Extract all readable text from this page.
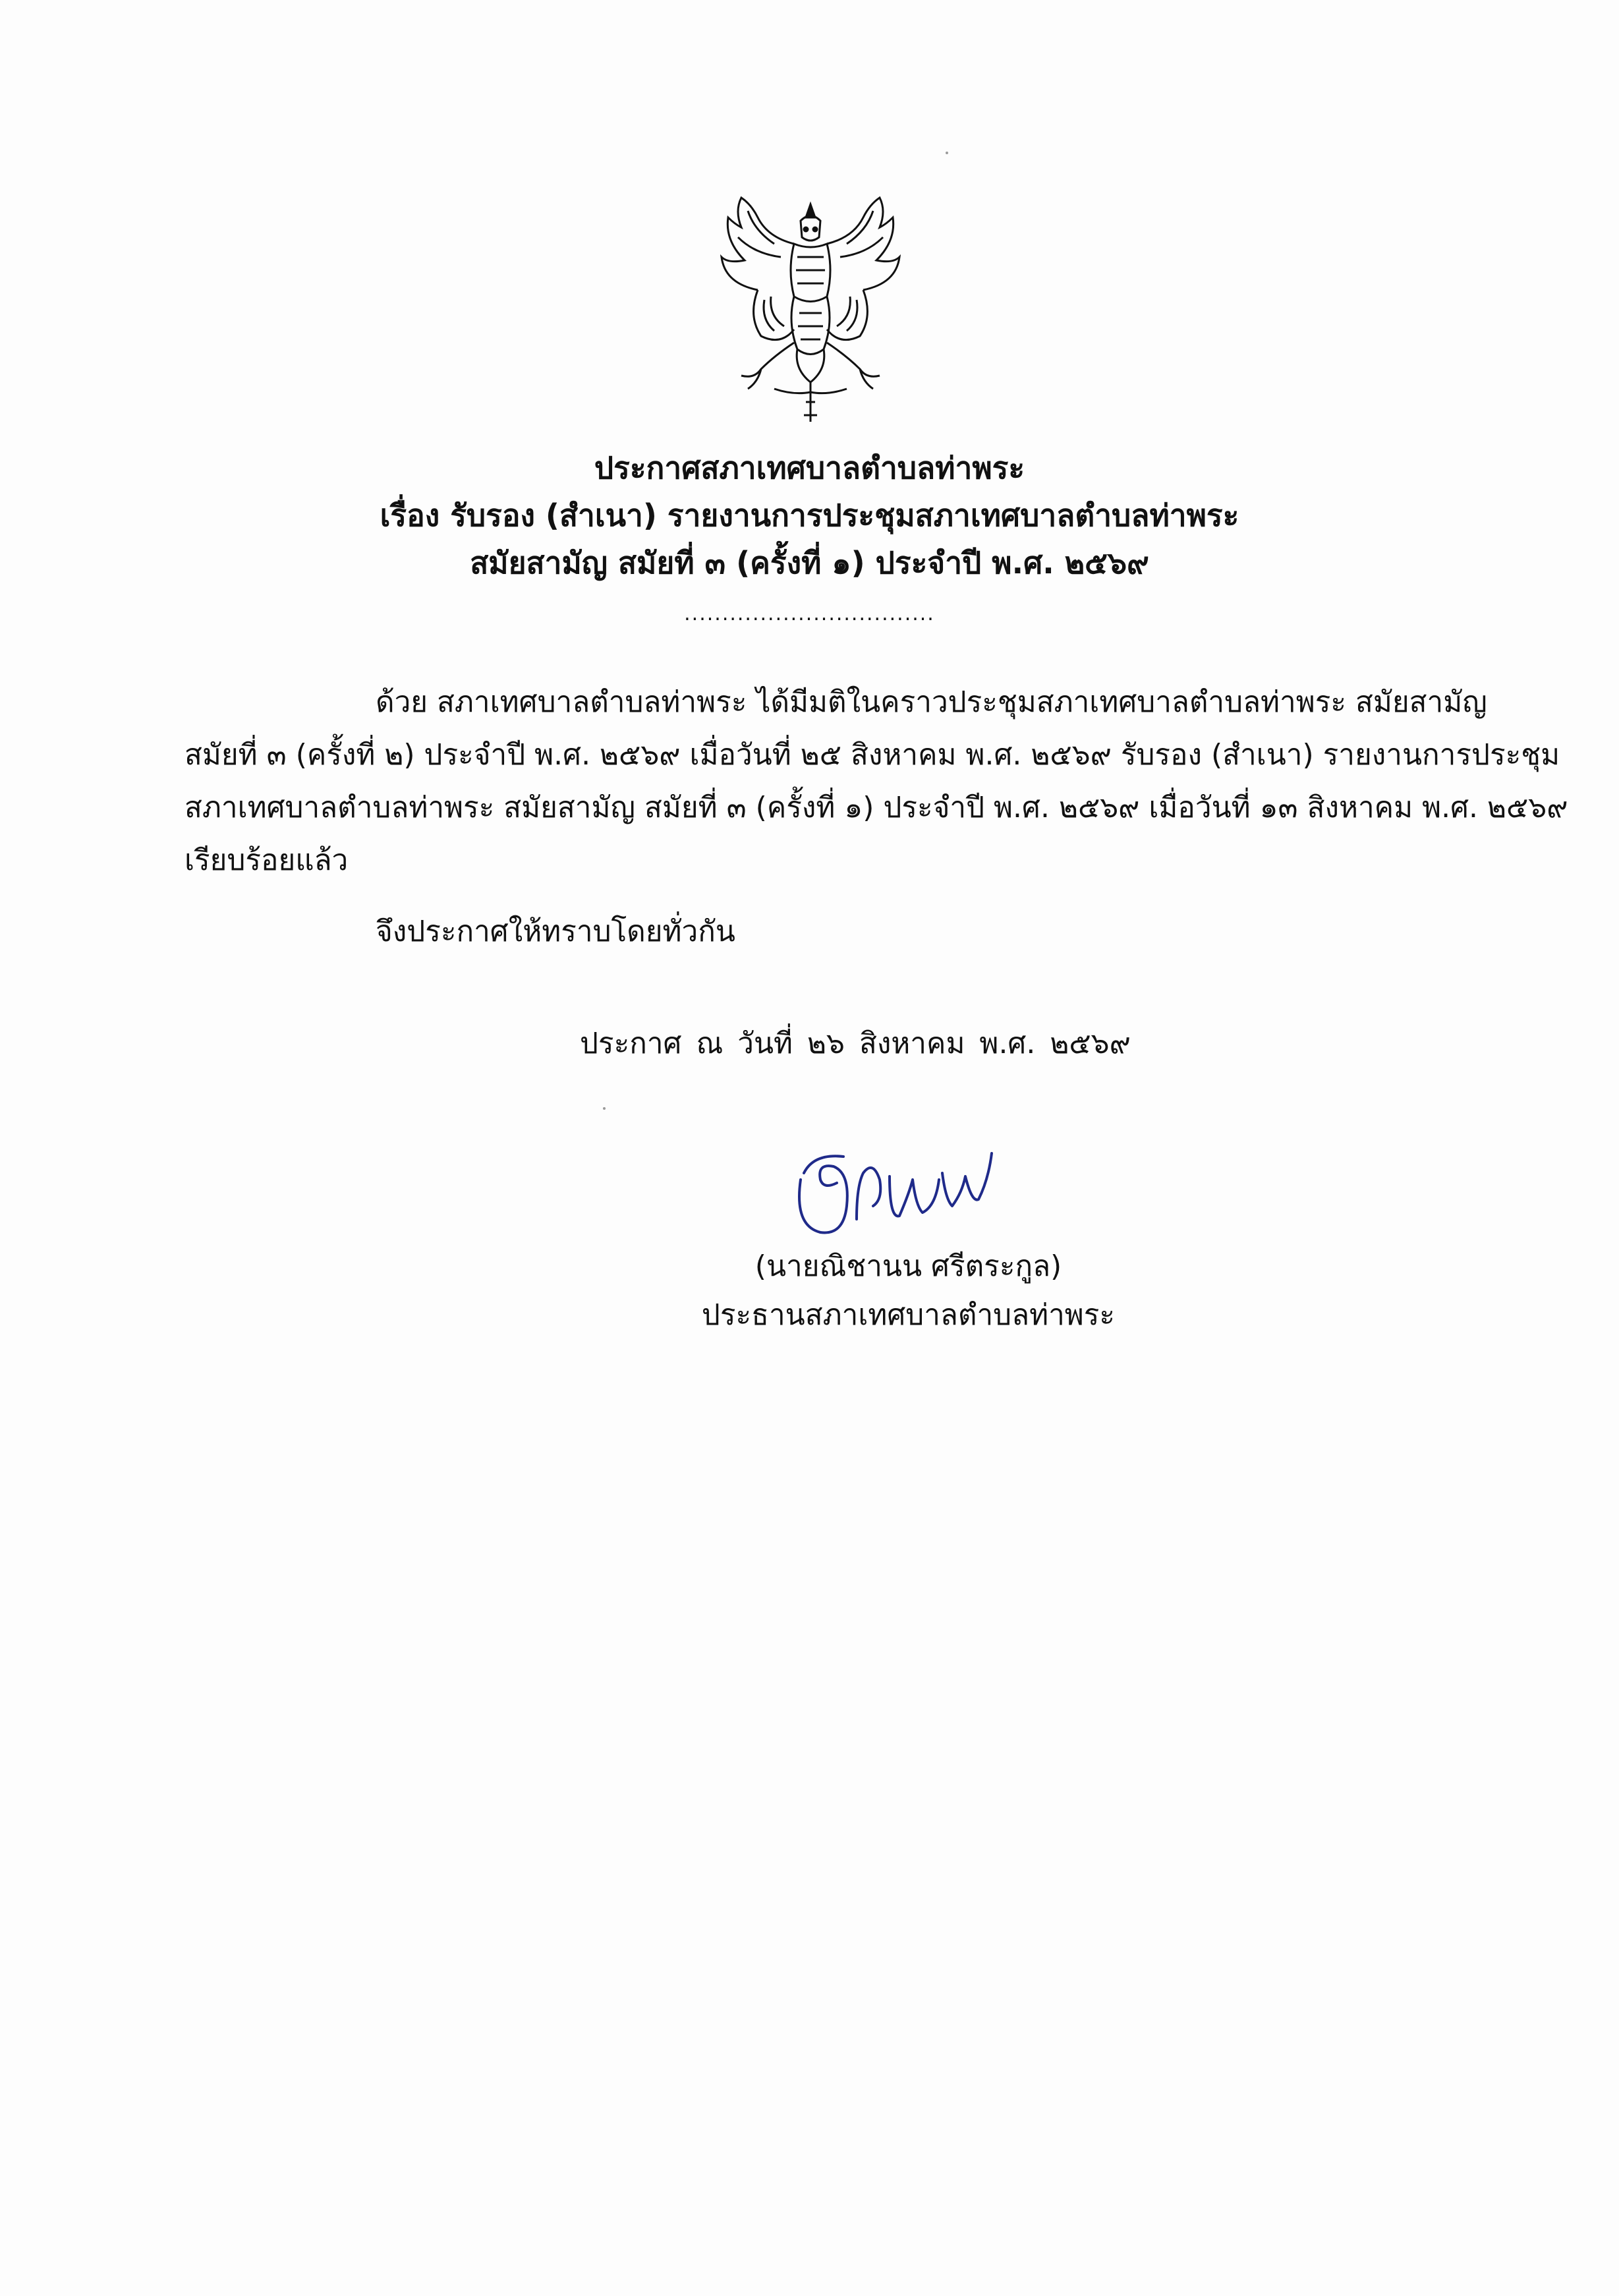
ประกาศสภาเทศบาลตำบลท่าพระ
เรื่อง รับรอง (สำเนา) รายงานการประชุมสภาเทศบาลตำบลท่าพระ
สมัยสามัญ สมัยที่ ๓ (ครั้งที่ ๑) ประจำปี พ.ศ. ๒๕๖๙
.................................
ด้วย สภาเทศบาลตำบลท่าพระ ได้มีมติในคราวประชุมสภาเทศบาลตำบลท่าพระ สมัยสามัญ
สมัยที่ ๓ (ครั้งที่ ๒) ประจำปี พ.ศ. ๒๕๖๙ เมื่อวันที่ ๒๕ สิงหาคม พ.ศ. ๒๕๖๙ รับรอง (สำเนา) รายงานการประชุม
สภาเทศบาลตำบลท่าพระ สมัยสามัญ สมัยที่ ๓ (ครั้งที่ ๑) ประจำปี พ.ศ. ๒๕๖๙ เมื่อวันที่ ๑๓ สิงหาคม พ.ศ. ๒๕๖๙
เรียบร้อยแล้ว
จึงประกาศให้ทราบโดยทั่วกัน
ประกาศ ณ วันที่ ๒๖ สิงหาคม พ.ศ. ๒๕๖๙
(นายณิชานน ศรีตระกูล)
ประธานสภาเทศบาลตำบลท่าพระ
